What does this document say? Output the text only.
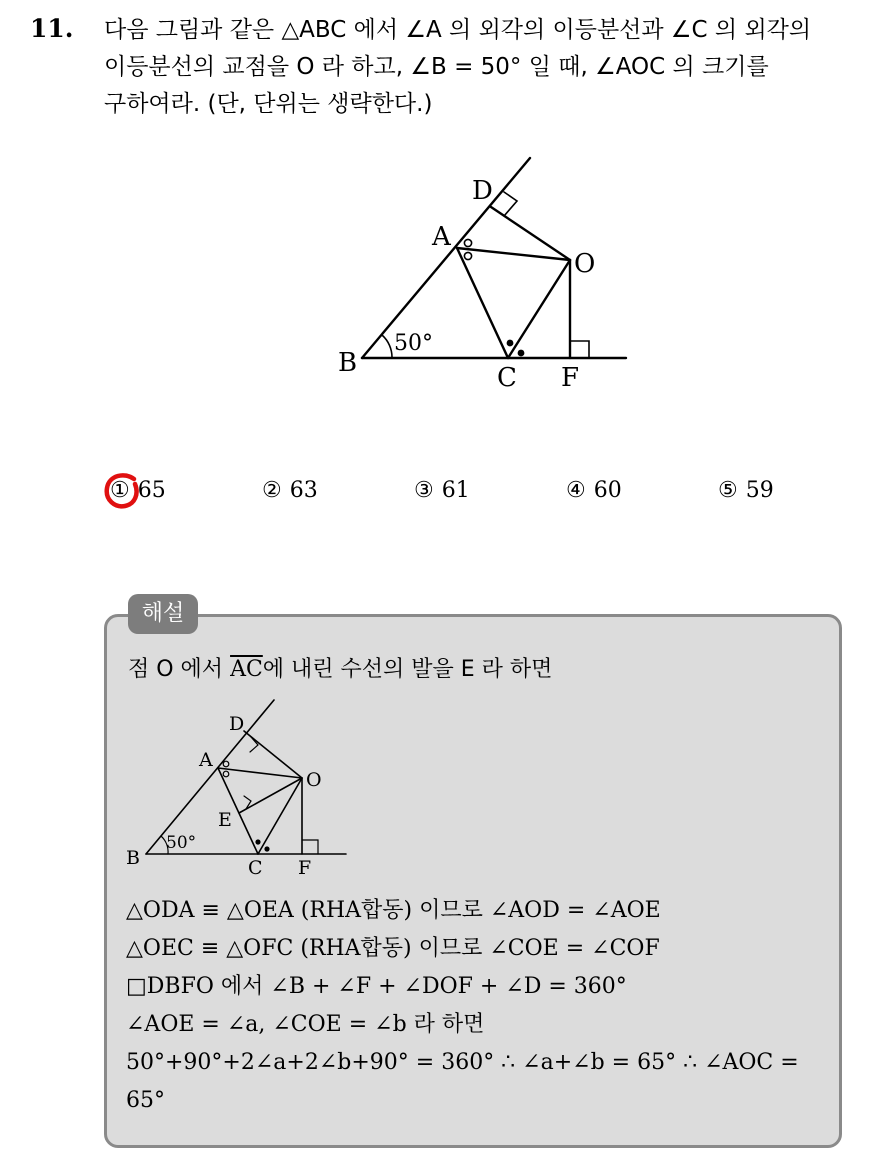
11. 다음 그림과 같은 △ABC 에서 ∠A 의 외각의 이등분선과 ∠C 의 외각의

이등분선의 교점을 O 라 하고, ∠B = 50° 일 때, ∠AOC 의 크기를

구하여라. (단, 단위는 생략한다.)

D
A
O
B	C F
50°
① 65	② 63	③ 61	④ 60	⑤ 59
해설
점 O 에서 $\overline{AC}$에 내린 수선의 발을 E 라 하면
D
A
O
E
B	C F
50°
△ODA ≡ △OEA (RHA합동) 이므로 ∠AOD = ∠AOE
△OEC ≡ △OFC (RHA합동) 이므로 ∠COE = ∠COF
□DBFO 에서 ∠B + ∠F + ∠DOF + ∠D = 360°
∠AOE = ∠a, ∠COE = ∠b 라 하면
50°+90°+2∠a+2∠b+90° = 360° ∴ ∠a+∠b = 65° ∴ ∠AOC =
65°
